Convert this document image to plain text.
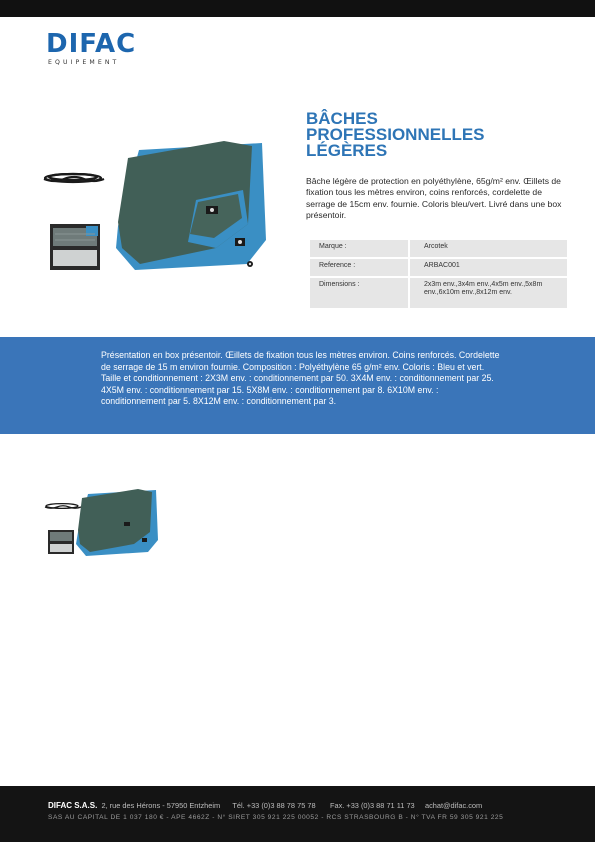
DIFAC
EQUIPEMENT
BÂCHES
PROFESSIONNELLES
LÉGÈRES
Bâche légère de protection en polyéthylène, 65g/m² env. Œillets de fixation tous les mètres environ, coins renforcés, cordelette de serrage de 15cm env. fournie. Coloris bleu/vert. Livré dans une box présentoir.
Marque :	Arcotek
Reference :	ARBAC001
Dimensions :	2x3m env.,3x4m env.,4x5m env.,5x8m env.,6x10m env.,8x12m env.
Présentation en box présentoir. Œillets de fixation tous les mètres environ. Coins renforcés. Cordelette de serrage de 15 m environ fournie. Composition : Polyéthylène 65 g/m² env. Coloris : Bleu et vert. Taille et conditionnement : 2X3M env. : conditionnement par 50. 3X4M env. : conditionnement par 25. 4X5M env. : conditionnement par 15. 5X8M env. : conditionnement par 8. 6X10M env. : conditionnement par 5. 8X12M env. : conditionnement par 3.
DIFAC S.A.S. 2, rue des Hérons - 57950 Entzheim Tél. +33 (0)3 88 78 75 78 Fax. +33 (0)3 88 71 11 73 achat@difac.com
SAS AU CAPITAL DE 1 037 180 € - APE 4662Z - N° SIRET 305 921 225 00052 - RCS STRASBOURG B - N° TVA FR 59 305 921 225
